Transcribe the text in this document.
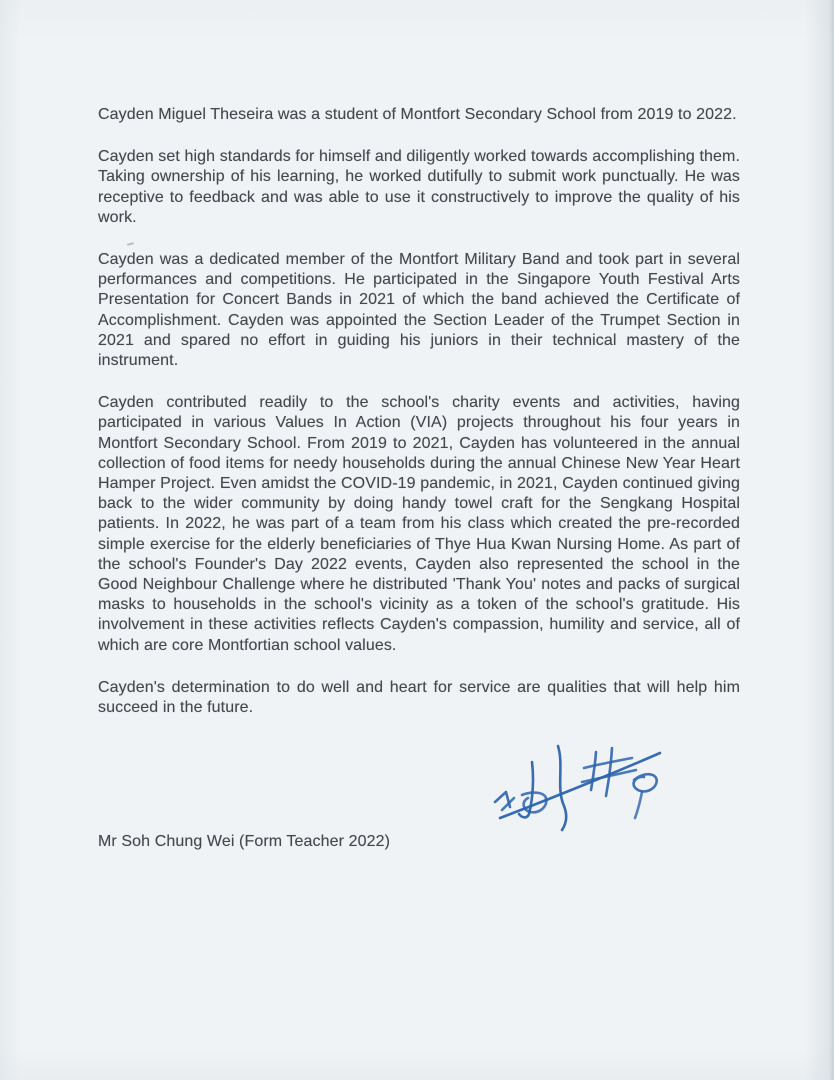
Cayden Miguel Theseira was a student of Montfort Secondary School from 2019 to 2022.

Cayden set high standards for himself and diligently worked towards accomplishing them. Taking ownership of his learning, he worked dutifully to submit work punctually. He was receptive to feedback and was able to use it constructively to improve the quality of his work.

Cayden was a dedicated member of the Montfort Military Band and took part in several performances and competitions. He participated in the Singapore Youth Festival Arts Presentation for Concert Bands in 2021 of which the band achieved the Certificate of Accomplishment. Cayden was appointed the Section Leader of the Trumpet Section in 2021 and spared no effort in guiding his juniors in their technical mastery of the instrument.

Cayden contributed readily to the school's charity events and activities, having participated in various Values In Action (VIA) projects throughout his four years in Montfort Secondary School. From 2019 to 2021, Cayden has volunteered in the annual collection of food items for needy households during the annual Chinese New Year Heart Hamper Project. Even amidst the COVID-19 pandemic, in 2021, Cayden continued giving back to the wider community by doing handy towel craft for the Sengkang Hospital patients. In 2022, he was part of a team from his class which created the pre-recorded simple exercise for the elderly beneficiaries of Thye Hua Kwan Nursing Home. As part of the school's Founder's Day 2022 events, Cayden also represented the school in the Good Neighbour Challenge where he distributed 'Thank You' notes and packs of surgical masks to households in the school's vicinity as a token of the school's gratitude. His involvement in these activities reflects Cayden's compassion, humility and service, all of which are core Montfortian school values.

Cayden's determination to do well and heart for service are qualities that will help him succeed in the future.

Mr Soh Chung Wei (Form Teacher 2022)
